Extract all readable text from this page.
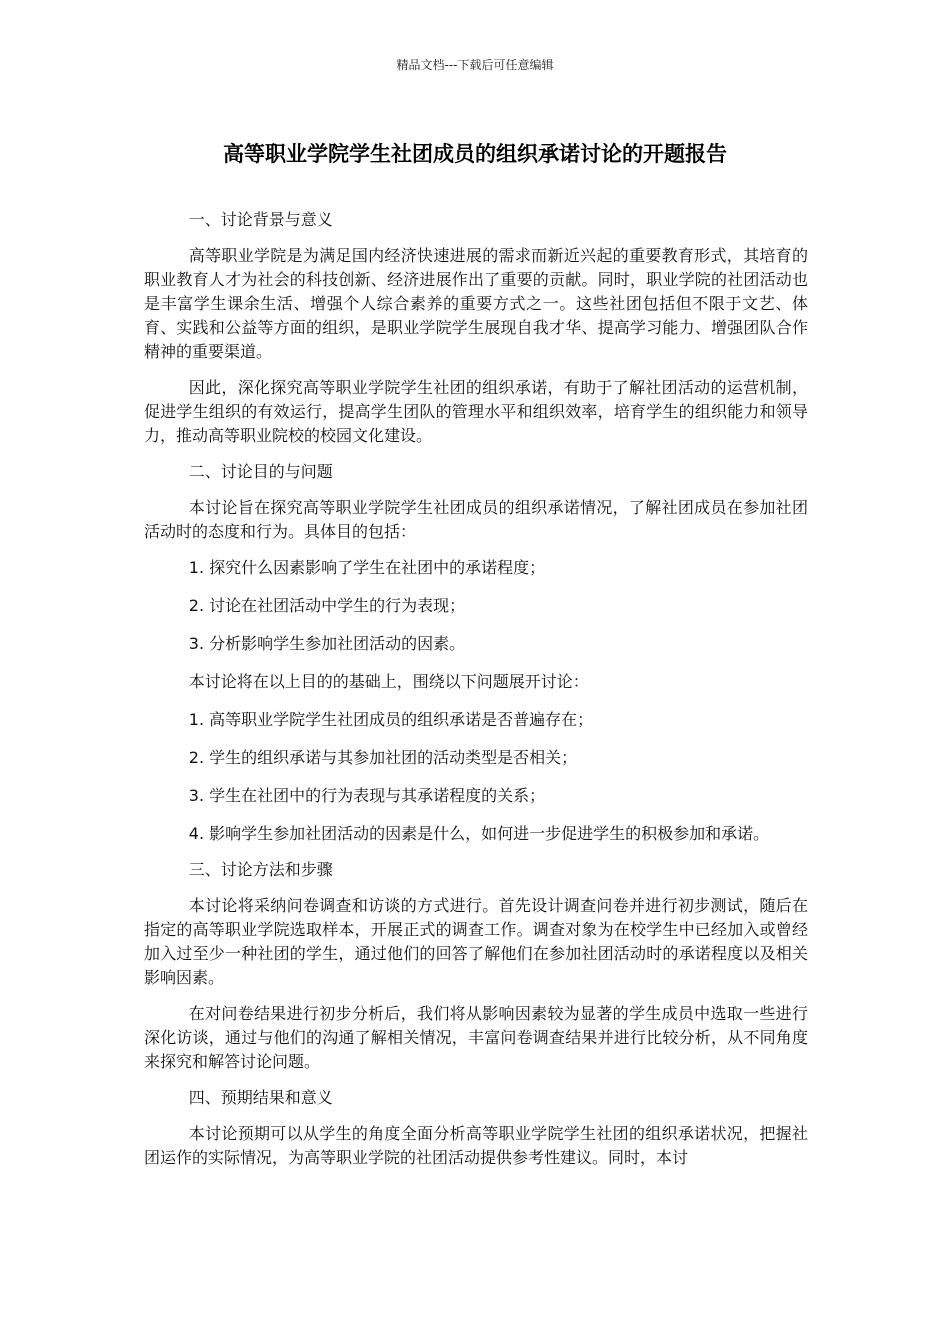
精品文档---下载后可任意编辑
高等职业学院学生社团成员的组织承诺讨论的开题报告

一、讨论背景与意义

高等职业学院是为满足国内经济快速进展的需求而新近兴起的重要教育形式，其培育的职业教育人才为社会的科技创新、经济进展作出了重要的贡献。同时，职业学院的社团活动也是丰富学生课余生活、增强个人综合素养的重要方式之一。这些社团包括但不限于文艺、体育、实践和公益等方面的组织，是职业学院学生展现自我才华、提高学习能力、增强团队合作精神的重要渠道。

因此，深化探究高等职业学院学生社团的组织承诺，有助于了解社团活动的运营机制，促进学生组织的有效运行，提高学生团队的管理水平和组织效率，培育学生的组织能力和领导力，推动高等职业院校的校园文化建设。

二、讨论目的与问题

本讨论旨在探究高等职业学院学生社团成员的组织承诺情况，了解社团成员在参加社团活动时的态度和行为。具体目的包括：

1. 探究什么因素影响了学生在社团中的承诺程度；

2. 讨论在社团活动中学生的行为表现；

3. 分析影响学生参加社团活动的因素。

本讨论将在以上目的的基础上，围绕以下问题展开讨论：

1. 高等职业学院学生社团成员的组织承诺是否普遍存在；

2. 学生的组织承诺与其参加社团的活动类型是否相关；

3. 学生在社团中的行为表现与其承诺程度的关系；

4. 影响学生参加社团活动的因素是什么，如何进一步促进学生的积极参加和承诺。

三、讨论方法和步骤

本讨论将采纳问卷调查和访谈的方式进行。首先设计调查问卷并进行初步测试，随后在指定的高等职业学院选取样本，开展正式的调查工作。调查对象为在校学生中已经加入或曾经加入过至少一种社团的学生，通过他们的回答了解他们在参加社团活动时的承诺程度以及相关影响因素。

在对问卷结果进行初步分析后，我们将从影响因素较为显著的学生成员中选取一些进行深化访谈，通过与他们的沟通了解相关情况，丰富问卷调查结果并进行比较分析，从不同角度来探究和解答讨论问题。

四、预期结果和意义

本讨论预期可以从学生的角度全面分析高等职业学院学生社团的组织承诺状况，把握社团运作的实际情况，为高等职业学院的社团活动提供参考性建议。同时，本讨
